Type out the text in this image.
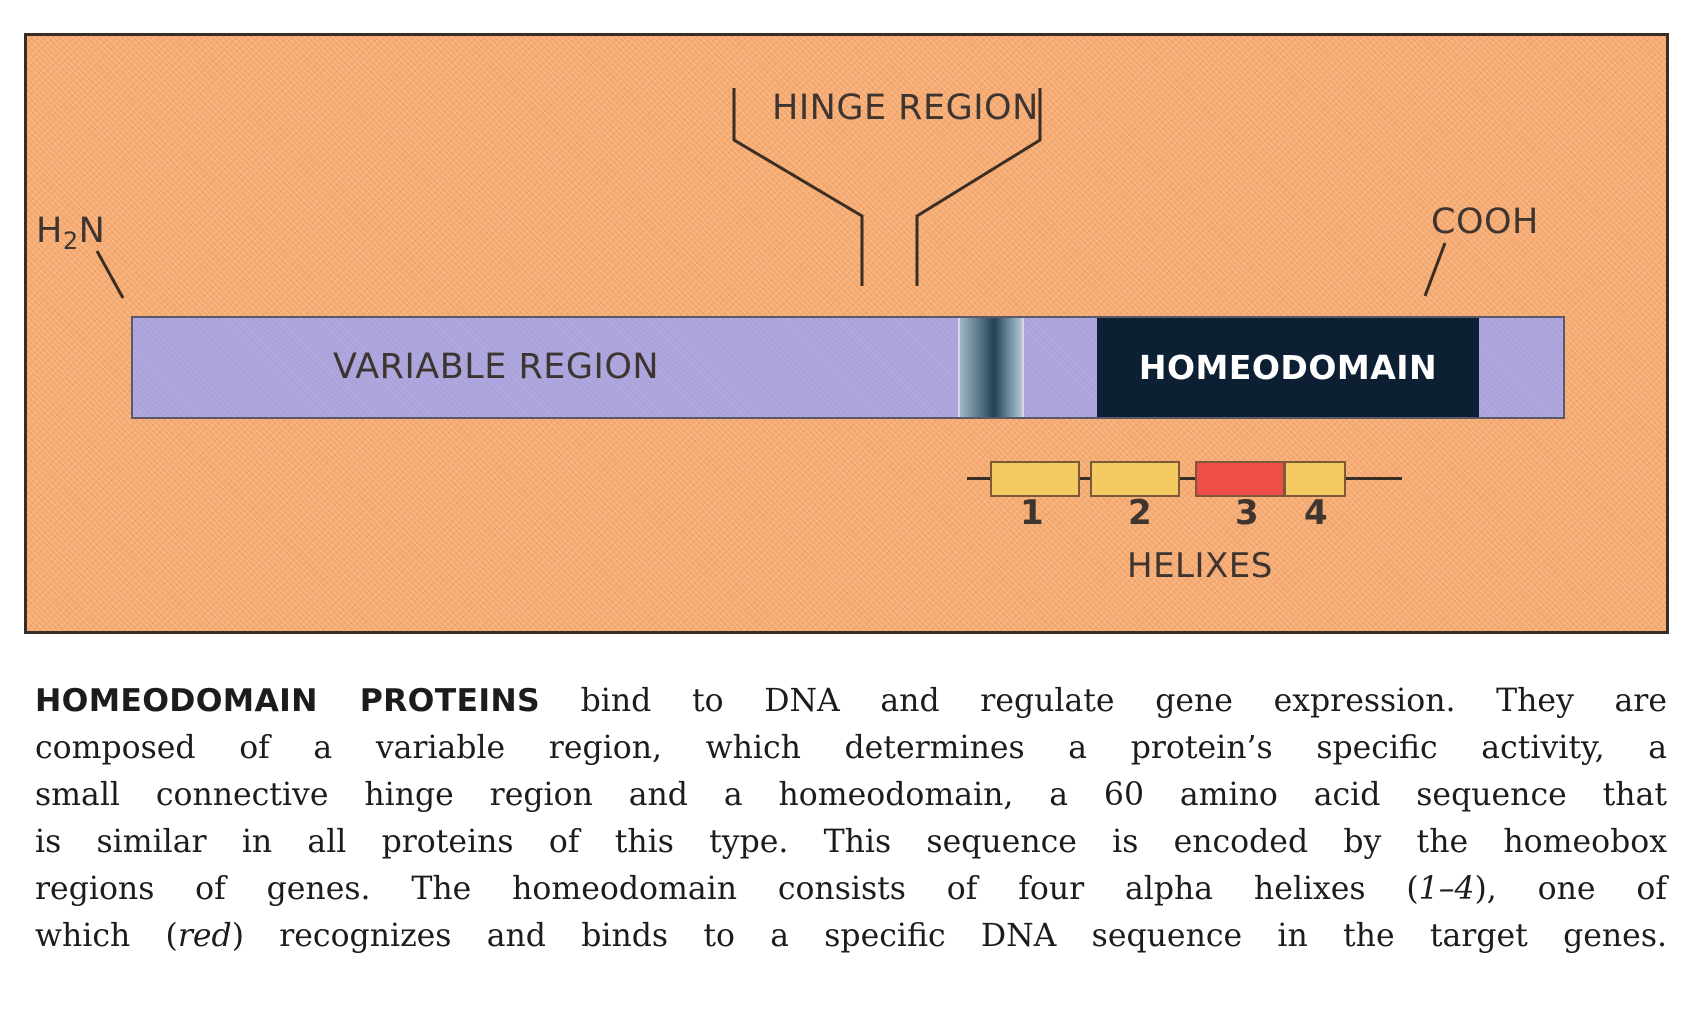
HINGE REGION
$H_2N$	COOH
VARIABLE REGION	HOMEODOMAIN
1 2 3 4
HELIXES
HOMEODOMAIN PROTEINS bind to DNA and regulate gene expression. They are
composed of a variable region, which determines a protein’s specific activity, a
small connective hinge region and a homeodomain, a 60 amino acid sequence that
is similar in all proteins of this type. This sequence is encoded by the homeobox
regions of genes. The homeodomain consists of four alpha helixes (1–4), one of
which (red) recognizes and binds to a specific DNA sequence in the target genes.
